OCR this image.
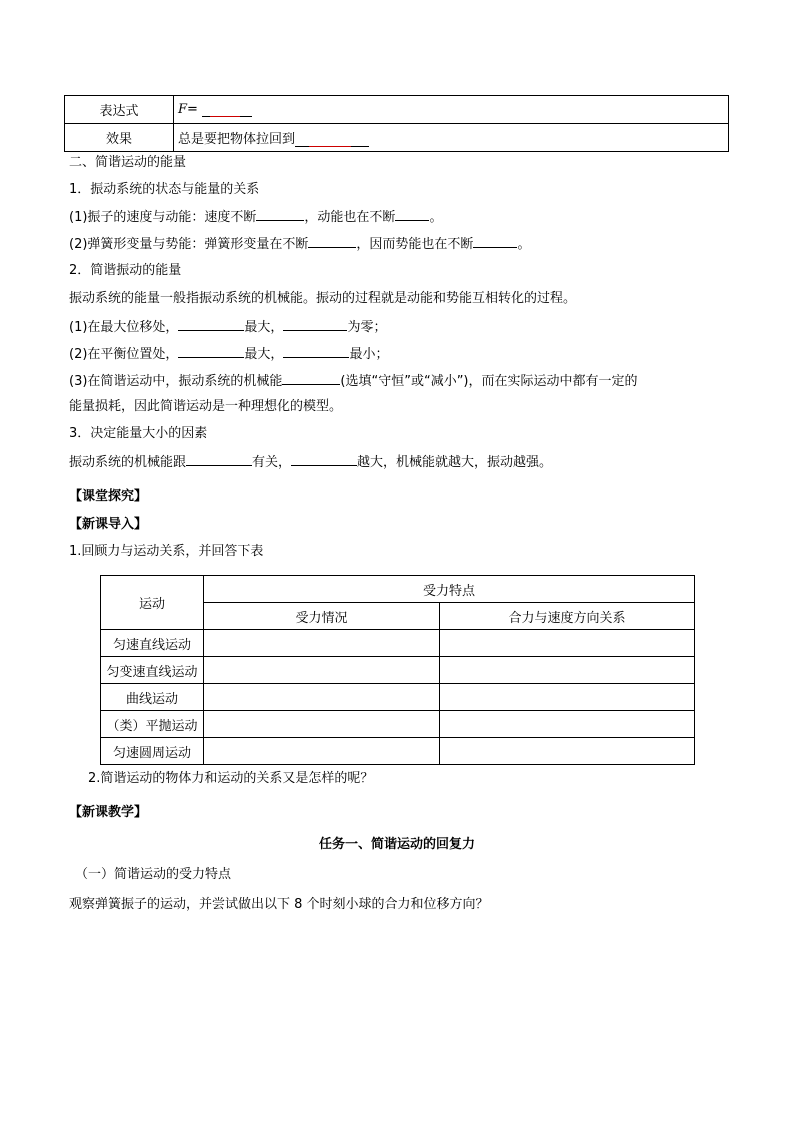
表达式	F=
效果	总是要把物体拉回到
二、简谐运动的能量
1．振动系统的状态与能量的关系
(1)振子的速度与动能：速度不断	，动能也在不断	。
(2)弹簧形变量与势能：弹簧形变量在不断	，因而势能也在不断	。
2．简谐振动的能量
振动系统的能量一般指振动系统的机械能。振动的过程就是动能和势能互相转化的过程。
(1)在最大位移处，	最大，	为零；
(2)在平衡位置处，	最大，	最小；
(3)在简谐运动中，振动系统的机械能	(选填“守恒”或“减小”)，而在实际运动中都有一定的
能量损耗，因此简谐运动是一种理想化的模型。
3．决定能量大小的因素
振动系统的机械能跟	有关，	越大，机械能就越大，振动越强。
【课堂探究】
【新课导入】
1.回顾力与运动关系，并回答下表
运动	受力特点	
	受力情况	合力与速度方向关系
匀速直线运动		
匀变速直线运动		
曲线运动		
（类）平抛运动		
匀速圆周运动		
2.简谐运动的物体力和运动的关系又是怎样的呢？
【新课教学】
任务一、简谐运动的回复力
（一）简谐运动的受力特点
观察弹簧振子的运动，并尝试做出以下 8 个时刻小球的合力和位移方向？
